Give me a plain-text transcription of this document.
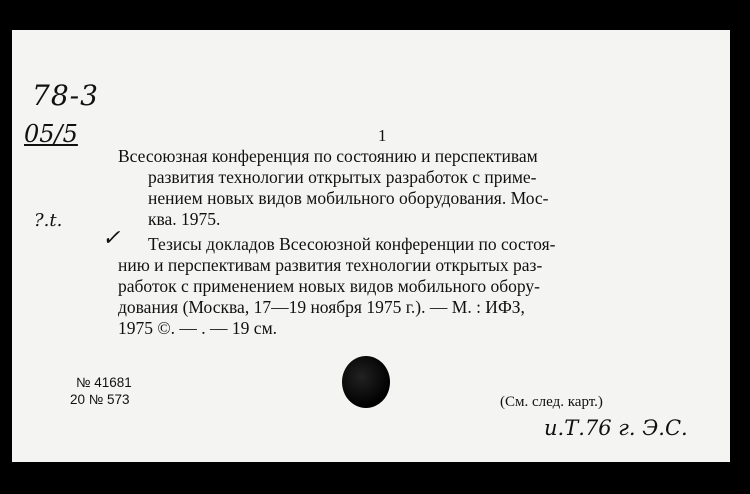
78-3
05/5
?.t.
✓
1
Всесоюзная конференция по состоянию и перспективам
развития технологии открытых разработок с приме-
нением новых видов мобильного оборудования. Мос-
ква. 1975.
Тезисы докладов Всесоюзной конференции по состоя-
нию и перспективам развития технологии открытых раз-
работок с применением новых видов мобильного обору-
дования (Москва, 17—19 ноября 1975 г.). — М. : ИФЗ,
1975 ©. — . — 19 см.
№ 41681
20 № 573	(См. след. карт.)
и.Т.76 г. Э.С.
